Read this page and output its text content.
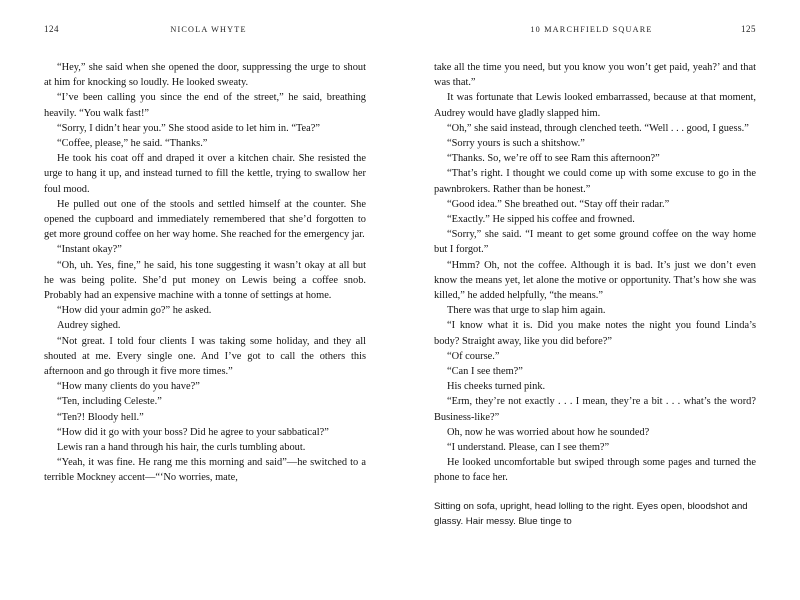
124	NICOLA WHYTE

“Hey,” she said when she opened the door, suppressing the urge to shout at him for knocking so loudly. He looked sweaty.

“I’ve been calling you since the end of the street,” he said, breathing heavily. “You walk fast!”

“Sorry, I didn’t hear you.” She stood aside to let him in. “Tea?”

“Coffee, please,” he said. “Thanks.”

He took his coat off and draped it over a kitchen chair. She resisted the urge to hang it up, and instead turned to fill the kettle, trying to swallow her foul mood.

He pulled out one of the stools and settled himself at the counter. She opened the cupboard and immediately remembered that she’d forgotten to get more ground coffee on her way home. She reached for the emergency jar.

“Instant okay?”

“Oh, uh. Yes, fine,” he said, his tone suggesting it wasn’t okay at all but he was being polite. She’d put money on Lewis being a coffee snob. Probably had an expensive machine with a tonne of settings at home.

“How did your admin go?” he asked.

Audrey sighed.

“Not great. I told four clients I was taking some holiday, and they all shouted at me. Every single one. And I’ve got to call the others this afternoon and go through it five more times.”

“How many clients do you have?”

“Ten, including Celeste.”

“Ten?! Bloody hell.”

“How did it go with your boss? Did he agree to your sabbatical?”

Lewis ran a hand through his hair, the curls tumbling about.

“Yeah, it was fine. He rang me this morning and said”—he switched to a terrible Mockney accent—“‘No worries, mate,

10 MARCHFIELD SQUARE	125

take all the time you need, but you know you won’t get paid, yeah?’ and that was that.”

It was fortunate that Lewis looked embarrassed, because at that moment, Audrey would have gladly slapped him.

“Oh,” she said instead, through clenched teeth. “Well . . . good, I guess.”

“Sorry yours is such a shitshow.”

“Thanks. So, we’re off to see Ram this afternoon?”

“That’s right. I thought we could come up with some excuse to go in the pawnbrokers. Rather than be honest.”

“Good idea.” She breathed out. “Stay off their radar.”

“Exactly.” He sipped his coffee and frowned.

“Sorry,” she said. “I meant to get some ground coffee on the way home but I forgot.”

“Hmm? Oh, not the coffee. Although it is bad. It’s just we don’t even know the means yet, let alone the motive or opportunity. That’s how she was killed,” he added helpfully, “the means.”

There was that urge to slap him again.

“I know what it is. Did you make notes the night you found Linda’s body? Straight away, like you did before?”

“Of course.”

“Can I see them?”

His cheeks turned pink.

“Erm, they’re not exactly . . . I mean, they’re a bit . . . what’s the word? Business-like?”

Oh, now he was worried about how he sounded?

“I understand. Please, can I see them?”

He looked uncomfortable but swiped through some pages and turned the phone to face her.

Sitting on sofa, upright, head lolling to the right. Eyes open, bloodshot and glassy. Hair messy. Blue tinge to
